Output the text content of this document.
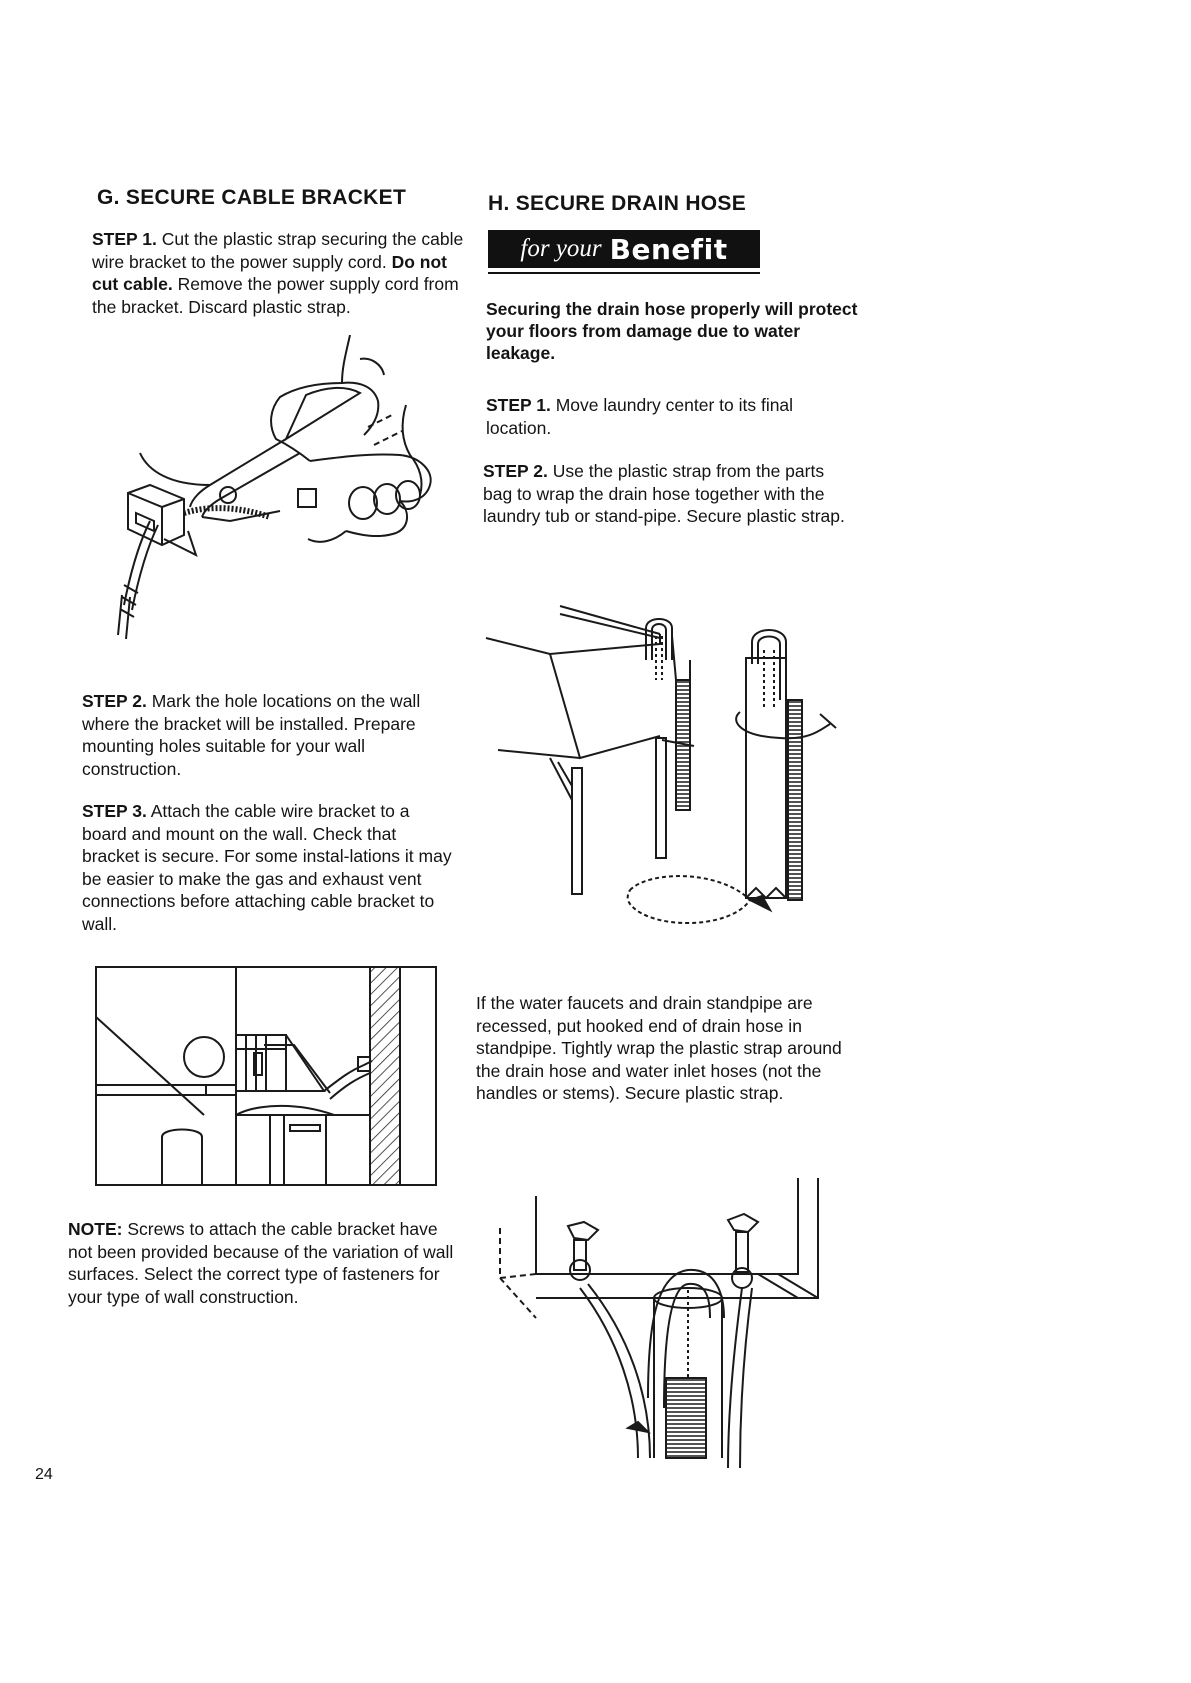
G. SECURE CABLE BRACKET

STEP 1. Cut the plastic strap securing the cable wire bracket to the power supply cord. Do not cut cable. Remove the power supply cord from the bracket. Discard plastic strap.

STEP 2. Mark the hole locations on the wall where the bracket will be installed. Prepare mounting holes suitable for your wall construction.

STEP 3. Attach the cable wire bracket to a board and mount on the wall. Check that bracket is secure. For some instal-lations it may be easier to make the gas and exhaust vent connections before attaching cable bracket to wall.

NOTE: Screws to attach the cable bracket have not been provided because of the variation of wall surfaces. Select the correct type of fasteners for your type of wall construction.

H. SECURE DRAIN HOSE
for your Benefit

Securing the drain hose properly will protect your floors from damage due to water leakage.

STEP 1. Move laundry center to its final location.

STEP 2. Use the plastic strap from the parts bag to wrap the drain hose together with the laundry tub or stand-pipe. Secure plastic strap.

If the water faucets and drain standpipe are recessed, put hooked end of drain hose in standpipe. Tightly wrap the plastic strap around the drain hose and water inlet hoses (not the handles or stems). Secure plastic strap.

24
